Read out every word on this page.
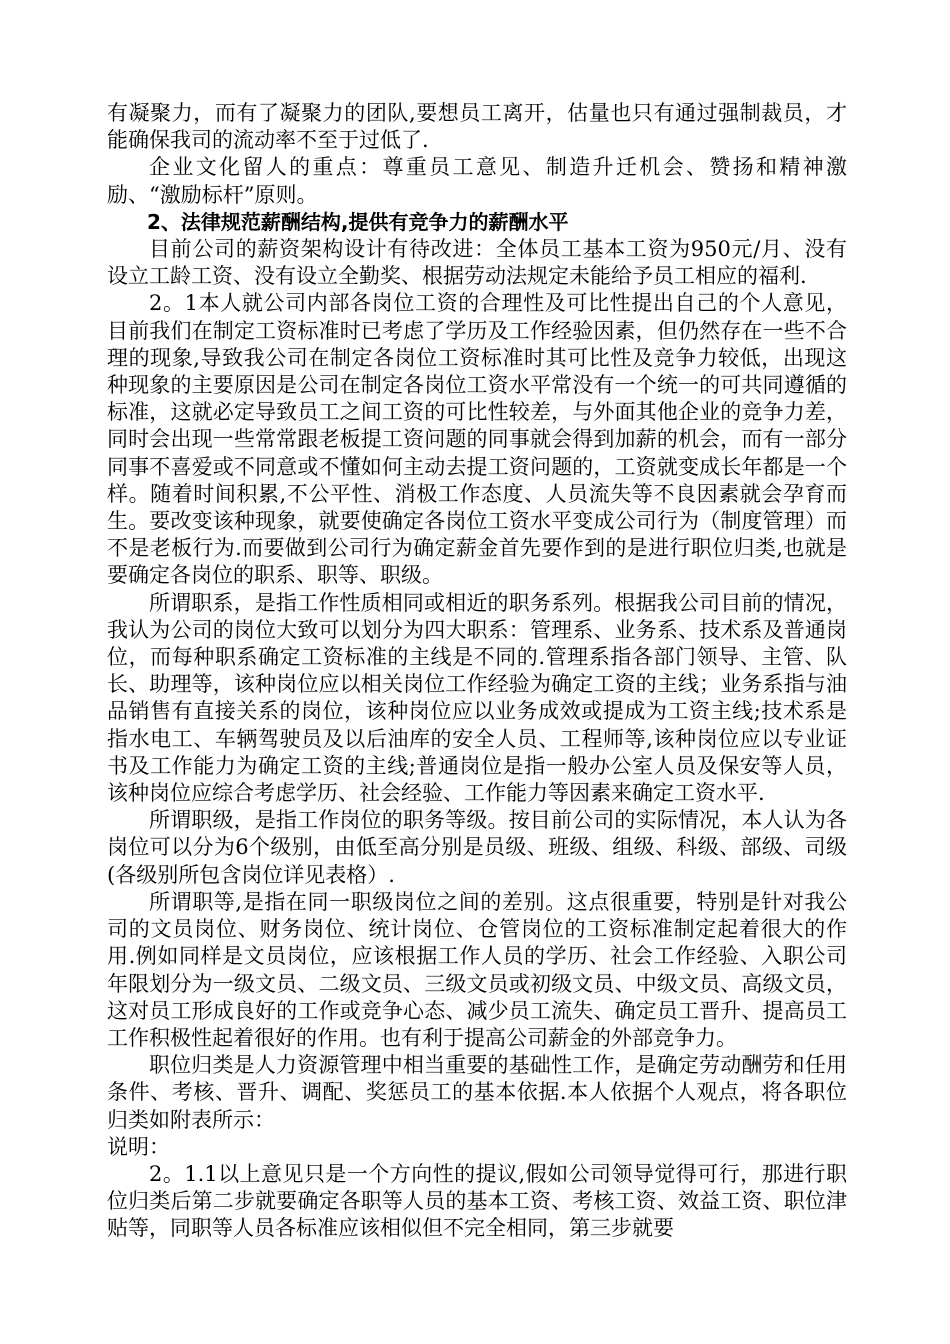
有凝聚力，而有了凝聚力的团队,要想员工离开，估量也只有通过强制裁员，才能确保我司的流动率不至于过低了.

企业文化留人的重点：尊重员工意见、制造升迁机会、赞扬和精神激励、“激励标杆”原则。

2、法律规范薪酬结构,提供有竞争力的薪酬水平

目前公司的薪资架构设计有待改进：全体员工基本工资为950元/月、没有设立工龄工资、没有设立全勤奖、根据劳动法规定未能给予员工相应的福利.

2。1本人就公司内部各岗位工资的合理性及可比性提出自己的个人意见，目前我们在制定工资标准时已考虑了学历及工作经验因素，但仍然存在一些不合理的现象,导致我公司在制定各岗位工资标准时其可比性及竞争力较低，出现这种现象的主要原因是公司在制定各岗位工资水平常没有一个统一的可共同遵循的标准，这就必定导致员工之间工资的可比性较差，与外面其他企业的竞争力差，同时会出现一些常常跟老板提工资问题的同事就会得到加薪的机会，而有一部分同事不喜爱或不同意或不懂如何主动去提工资问题的，工资就变成长年都是一个样。随着时间积累,不公平性、消极工作态度、人员流失等不良因素就会孕育而生。要改变该种现象，就要使确定各岗位工资水平变成公司行为（制度管理）而不是老板行为.而要做到公司行为确定薪金首先要作到的是进行职位归类,也就是要确定各岗位的职系、职等、职级。

所谓职系，是指工作性质相同或相近的职务系列。根据我公司目前的情况，我认为公司的岗位大致可以划分为四大职系：管理系、业务系、技术系及普通岗位，而每种职系确定工资标准的主线是不同的.管理系指各部门领导、主管、队长、助理等，该种岗位应以相关岗位工作经验为确定工资的主线；业务系指与油品销售有直接关系的岗位，该种岗位应以业务成效或提成为工资主线;技术系是指水电工、车辆驾驶员及以后油库的安全人员、工程师等,该种岗位应以专业证书及工作能力为确定工资的主线;普通岗位是指一般办公室人员及保安等人员，该种岗位应综合考虑学历、社会经验、工作能力等因素来确定工资水平.

所谓职级，是指工作岗位的职务等级。按目前公司的实际情况，本人认为各岗位可以分为6个级别，由低至高分别是员级、班级、组级、科级、部级、司级(各级别所包含岗位详见表格）.

所谓职等,是指在同一职级岗位之间的差别。这点很重要，特别是针对我公司的文员岗位、财务岗位、统计岗位、仓管岗位的工资标准制定起着很大的作用.例如同样是文员岗位，应该根据工作人员的学历、社会工作经验、入职公司年限划分为一级文员、二级文员、三级文员或初级文员、中级文员、高级文员，这对员工形成良好的工作或竞争心态、减少员工流失、确定员工晋升、提高员工工作积极性起着很好的作用。也有利于提高公司薪金的外部竞争力。

职位归类是人力资源管理中相当重要的基础性工作，是确定劳动酬劳和任用条件、考核、晋升、调配、奖惩员工的基本依据.本人依据个人观点，将各职位归类如附表所示：

说明：

2。1.1以上意见只是一个方向性的提议,假如公司领导觉得可行，那进行职位归类后第二步就要确定各职等人员的基本工资、考核工资、效益工资、职位津贴等，同职等人员各标准应该相似但不完全相同，第三步就要
